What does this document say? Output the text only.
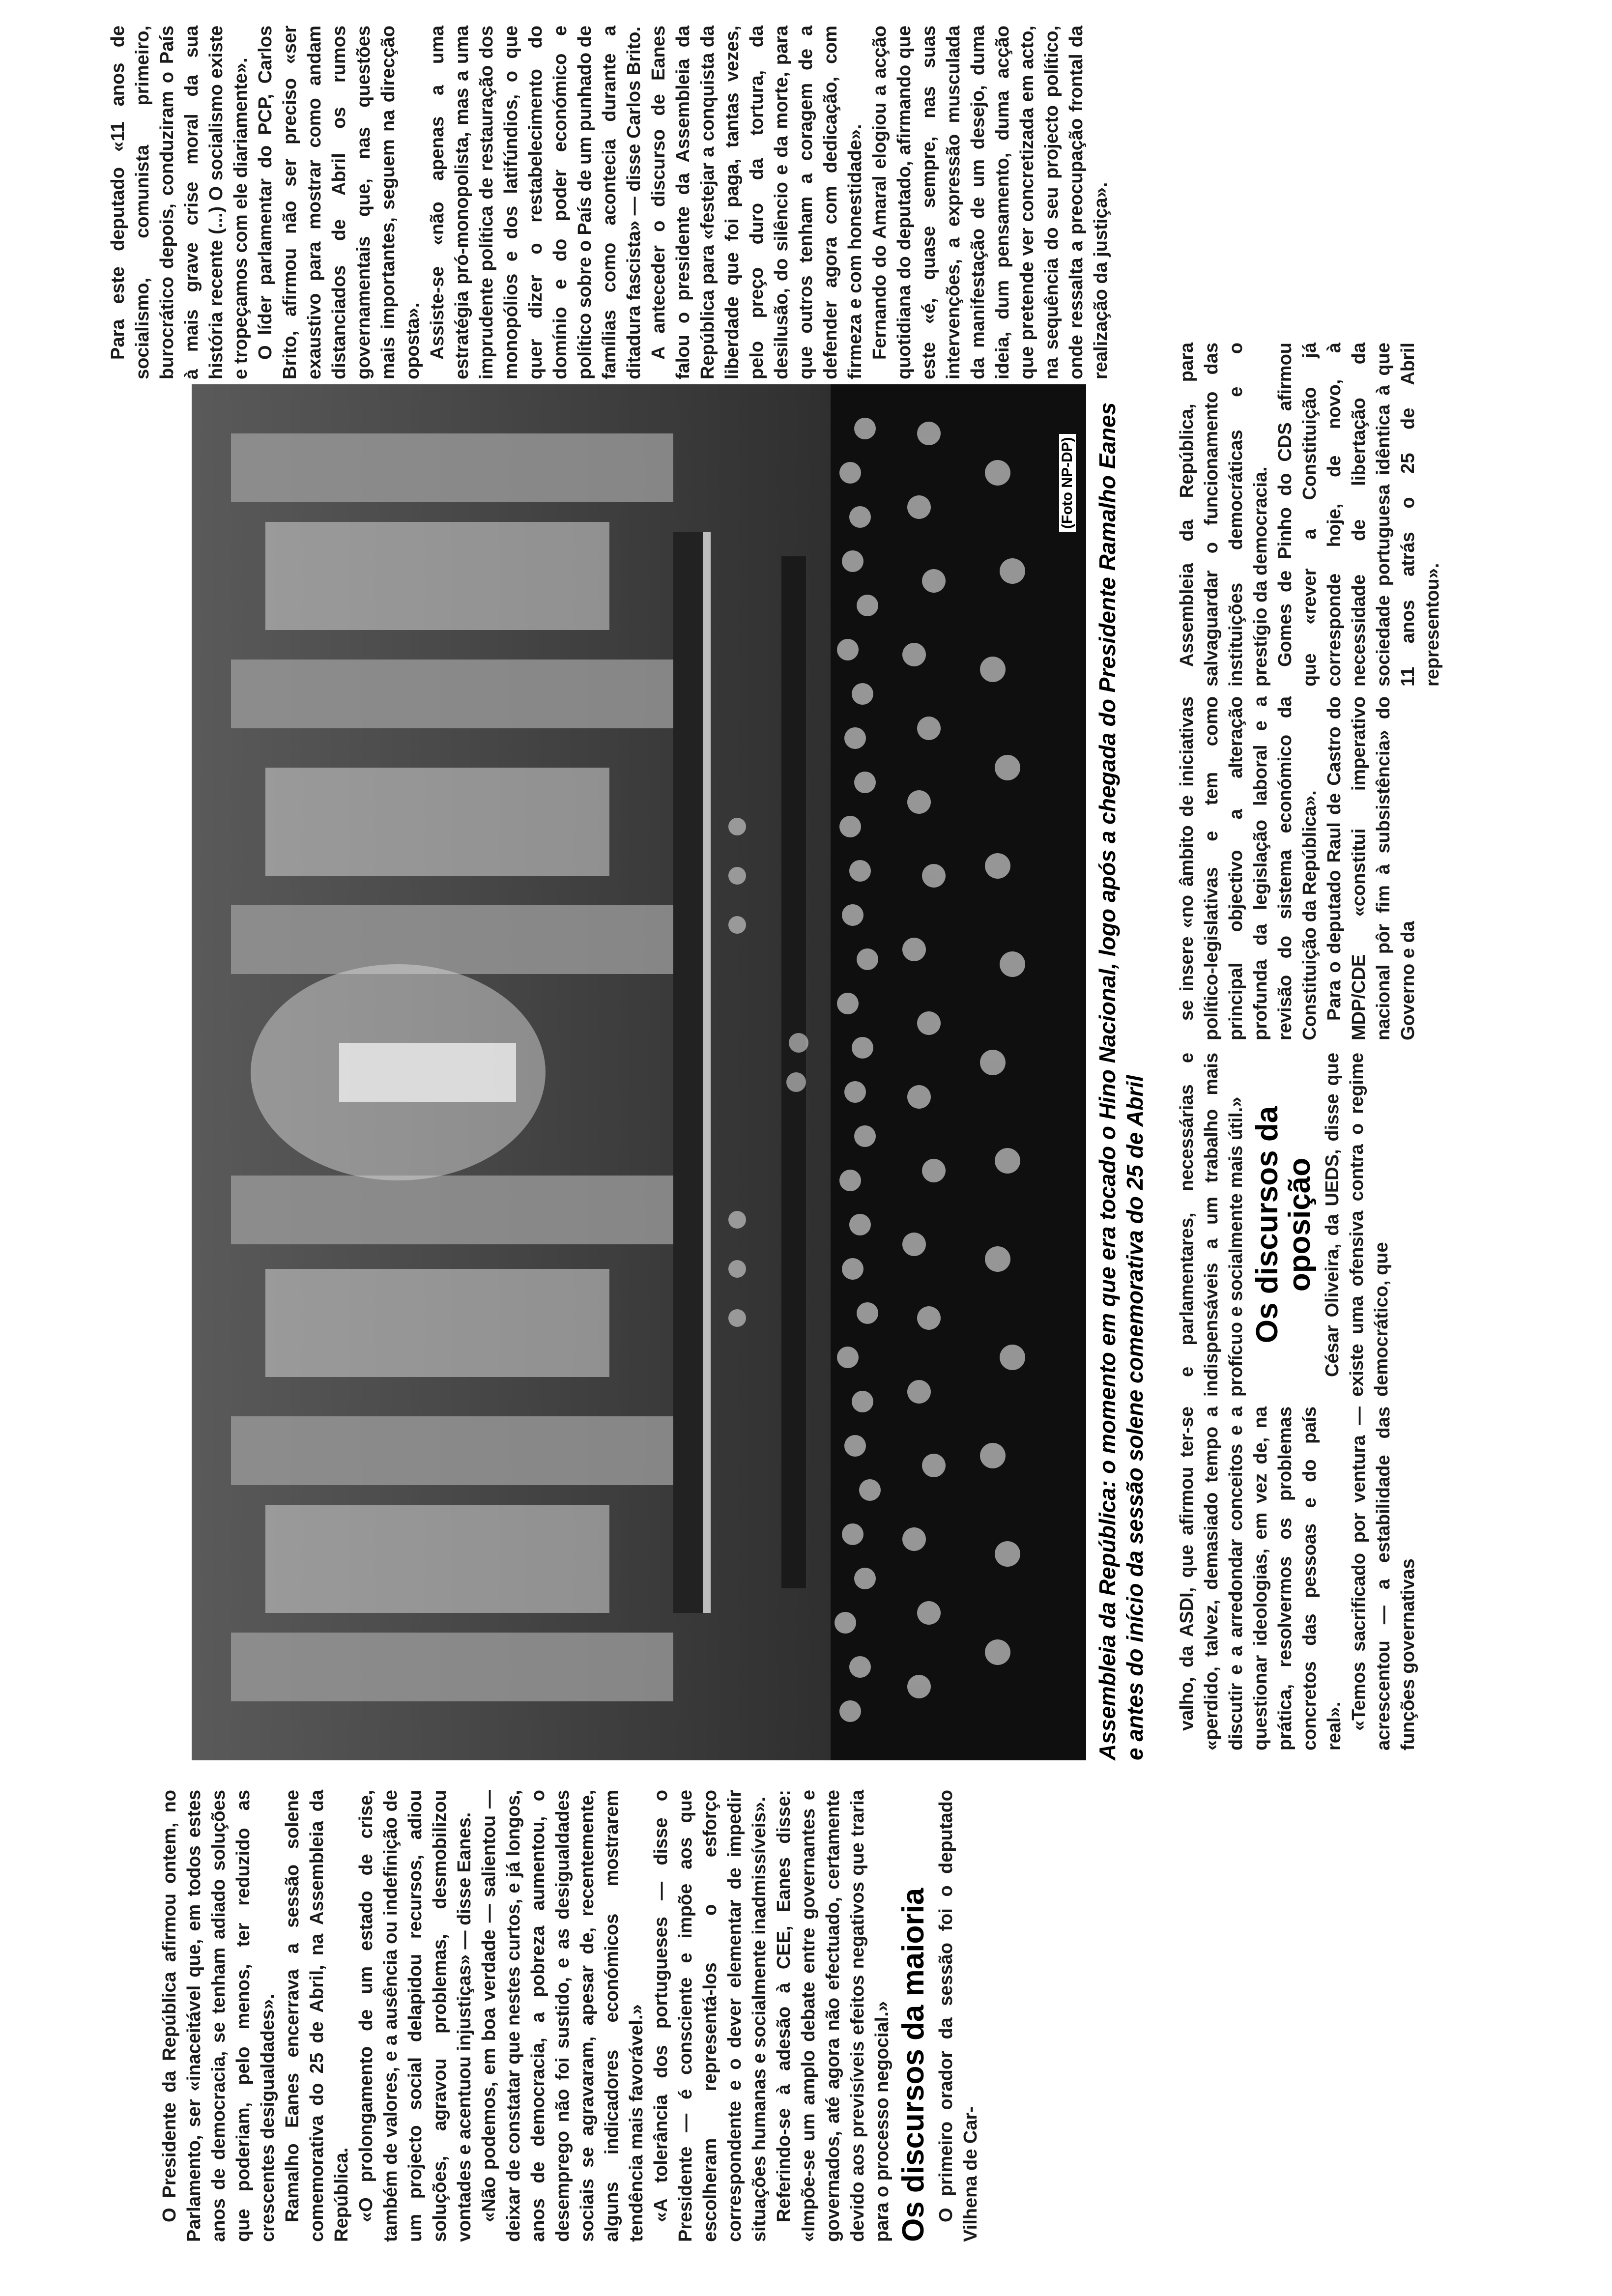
O Presidente da República afirmou ontem, no Parlamento, ser «inaceitável que, em todos estes anos de democracia, se tenham adiado soluções que poderiam, pelo menos, ter reduzido as crescentes desigualdades». Ramalho Eanes encerrava a sessão solene comemorativa do 25 de Abril, na Assembleia da República. «O prolongamento de um estado de crise, também de valores, e a ausência ou indefinição de um projecto social delapidou recursos, adiou soluções, agravou problemas, desmobilizou vontades e acentuou injustiças» — disse Eanes. «Não podemos, em boa verdade — salientou — deixar de constatar que nestes curtos, e já longos, anos de democracia, a pobreza aumentou, o desemprego não foi sustido, e as desigualdades sociais se agravaram, apesar de, recentemente, alguns indicadores económicos mostrarem tendência mais favorável.» «A tolerância dos portugueses — disse o Presidente — é consciente e impõe aos que escolheram representá-los o esforço correspondente e o dever elementar de impedir situações humanas e socialmente inadmissíveis». Referindo-se à adesão à CEE, Eanes disse: «Impõe-se um amplo debate entre governantes e governados, até agora não efectuado, certamente devido aos previsíveis efeitos negativos que traria para o processo negocial.» Os discursos da maioria O primeiro orador da sessão foi o deputado Vilhena de Car-

(Foto NP-DP) Assembleia da República: o momento em que era tocado o Hino Nacional, logo após a chegada do Presidente Ramalho Eanes e antes do início da sessão solene comemorativa do 25 de Abril valho, da ASDI, que afirmou ter-se «perdido, talvez, demasiado tempo a discutir e a arredondar conceitos e a questionar ideologias, em vez de, na prática, resolvermos os problemas concretos das pessoas e do país real». «Temos sacrificado por ventura — acrescentou — a estabilidade das funções governativas

e parlamentares, necessárias e indispensáveis a um trabalho mais profícuo e socialmente mais útil.» Os discursos da oposição César Oliveira, da UEDS, disse que existe uma ofensiva contra o regime democrático, que

se insere «no âmbito de iniciativas político-legislativas e tem como principal objectivo a alteração profunda da legislação laboral e a revisão do sistema económico da Constituição da República». Para o deputado Raul de Castro do MDP/CDE «constitui imperativo nacional pôr fim à subsistência» do Governo e da

Assembleia da República, para salvaguardar o funcionamento das instituições democráticas e o prestígio da democracia. Gomes de Pinho do CDS afirmou que «rever a Constituição já corresponde hoje, de novo, à necessidade de libertação da sociedade portuguesa idêntica à que 11 anos atrás o 25 de Abril representou».

Para este deputado «11 anos de socialismo, comunista primeiro, burocrático depois, conduziram o País à mais grave crise moral da sua história recente (...) O socialismo existe e tropeçamos com ele diariamente». O líder parlamentar do PCP, Carlos Brito, afirmou não ser preciso «ser exaustivo para mostrar como andam distanciados de Abril os rumos governamentais que, nas questões mais importantes, seguem na direcção oposta». Assiste-se «não apenas a uma estratégia pró-monopolista, mas a uma imprudente política de restauração dos monopólios e dos latifúndios, o que quer dizer o restabelecimento do domínio e do poder económico e político sobre o País de um punhado de famílias como acontecia durante a ditadura fascista» — disse Carlos Brito. A anteceder o discurso de Eanes falou o presidente da Assembleia da República para «festejar a conquista da liberdade que foi paga, tantas vezes, pelo preço duro da tortura, da desilusão, do silêncio e da morte, para que outros tenham a coragem de a defender agora com dedicação, com firmeza e com honestidade». Fernando do Amaral elogiou a acção quotidiana do deputado, afirmando que este «é, quase sempre, nas suas intervenções, a expressão musculada da manifestação de um desejo, duma ideia, dum pensamento, duma acção que pretende ver concretizada em acto, na sequência do seu projecto político, onde ressalta a preocupação frontal da realização da justiça».
